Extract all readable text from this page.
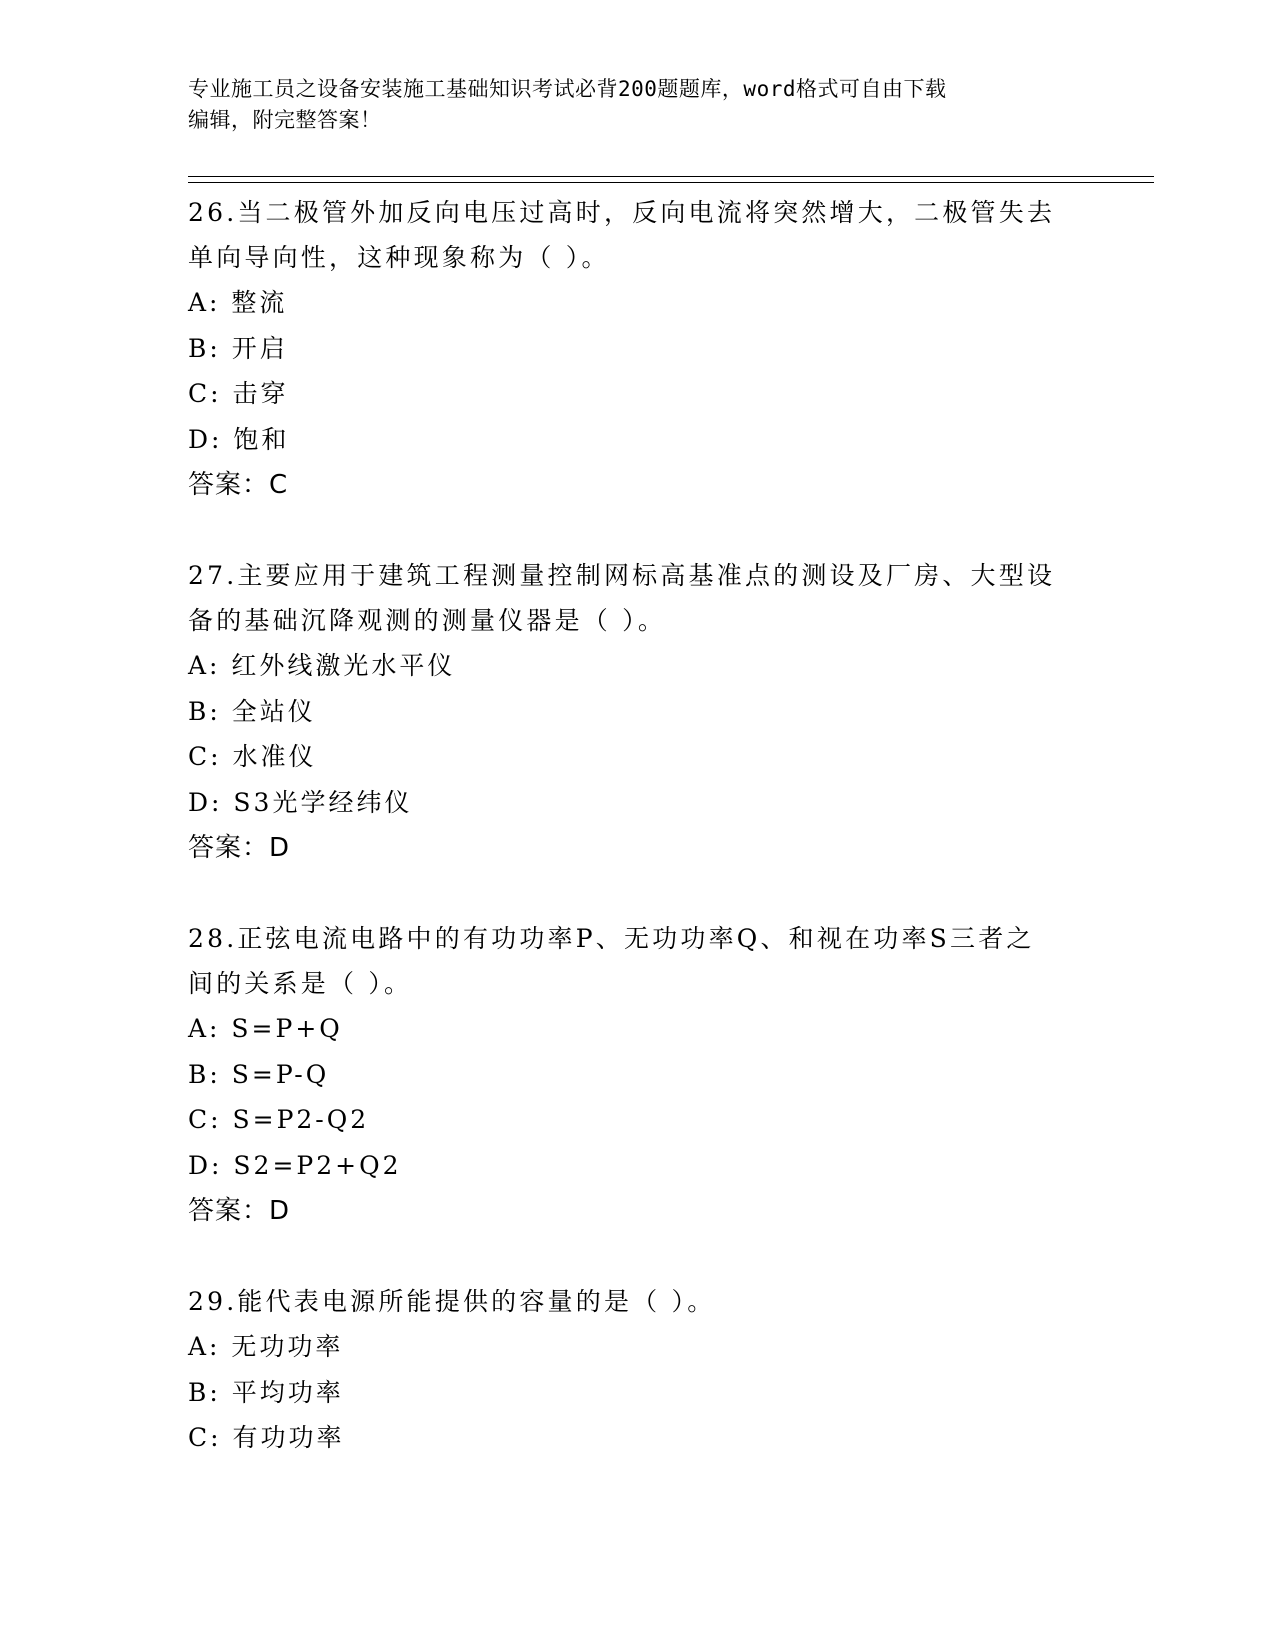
专业施工员之设备安装施工基础知识考试必背200题题库，word格式可自由下载
编辑，附完整答案！

26.当二极管外加反向电压过高时，反向电流将突然增大，二极管失去

单向导向性，这种现象称为（ ）。

A: 整流

B: 开启

C: 击穿

D: 饱和

答案：C

27.主要应用于建筑工程测量控制网标高基准点的测设及厂房、大型设

备的基础沉降观测的测量仪器是（ ）。

A: 红外线激光水平仪

B: 全站仪

C: 水准仪

D: S3光学经纬仪

答案：D

28.正弦电流电路中的有功功率P、无功功率Q、和视在功率S三者之

间的关系是（ ）。

A: S=P+Q

B: S=P-Q

C: S=P2-Q2

D: S2=P2+Q2

答案：D

29.能代表电源所能提供的容量的是（ ）。

A: 无功功率

B: 平均功率

C: 有功功率
